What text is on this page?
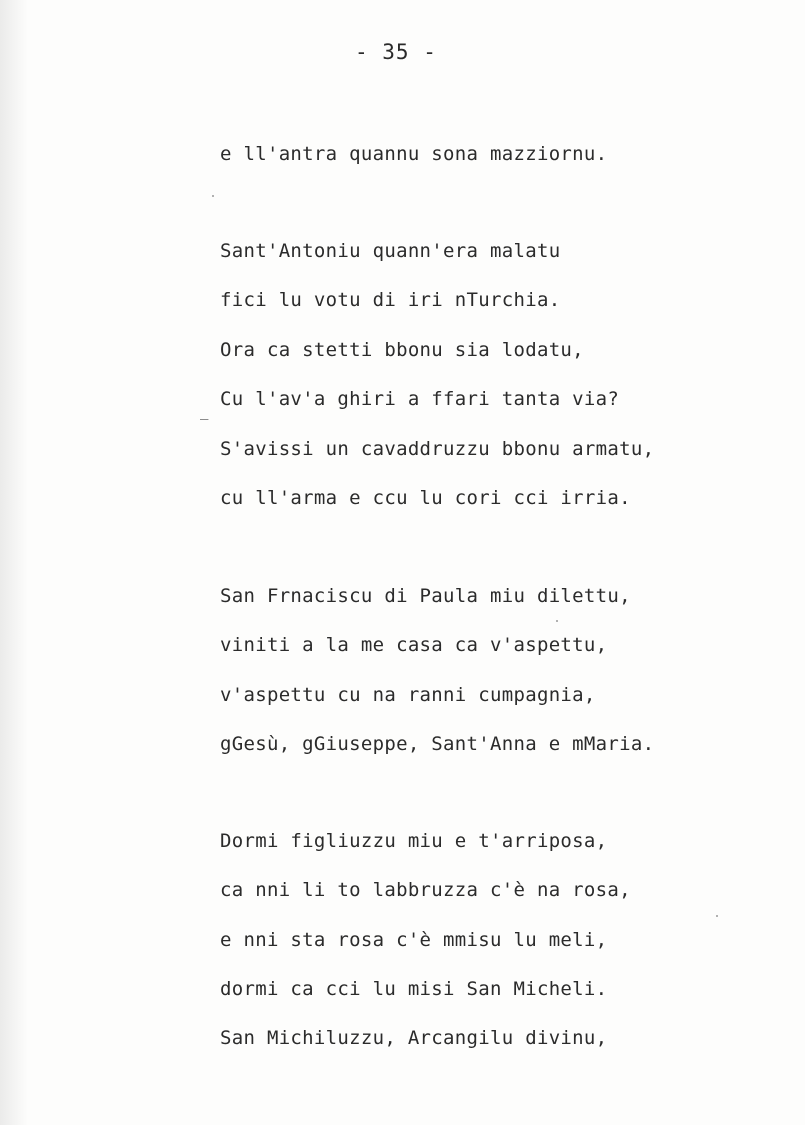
- 35 -
e ll'antra quannu sona mazziornu.
Sant'Antoniu quann'era malatu
fici lu votu di iri nTurchia.
Ora ca stetti bbonu sia lodatu,
_
Cu l'av'a ghiri a ffari tanta via?
S'avissi un cavaddruzzu bbonu armatu,
cu ll'arma e ccu lu cori cci irria.
San Frnaciscu di Paula miu dilettu,
viniti a la me casa ca v'aspettu,
v'aspettu cu na ranni cumpagnia,
gGesù, gGiuseppe, Sant'Anna e mMaria.
Dormi figliuzzu miu e t'arriposa,
ca nni li to labbruzza c'è na rosa,
e nni sta rosa c'è mmisu lu meli,
dormi ca cci lu misi San Micheli.
San Michiluzzu, Arcangilu divinu,
